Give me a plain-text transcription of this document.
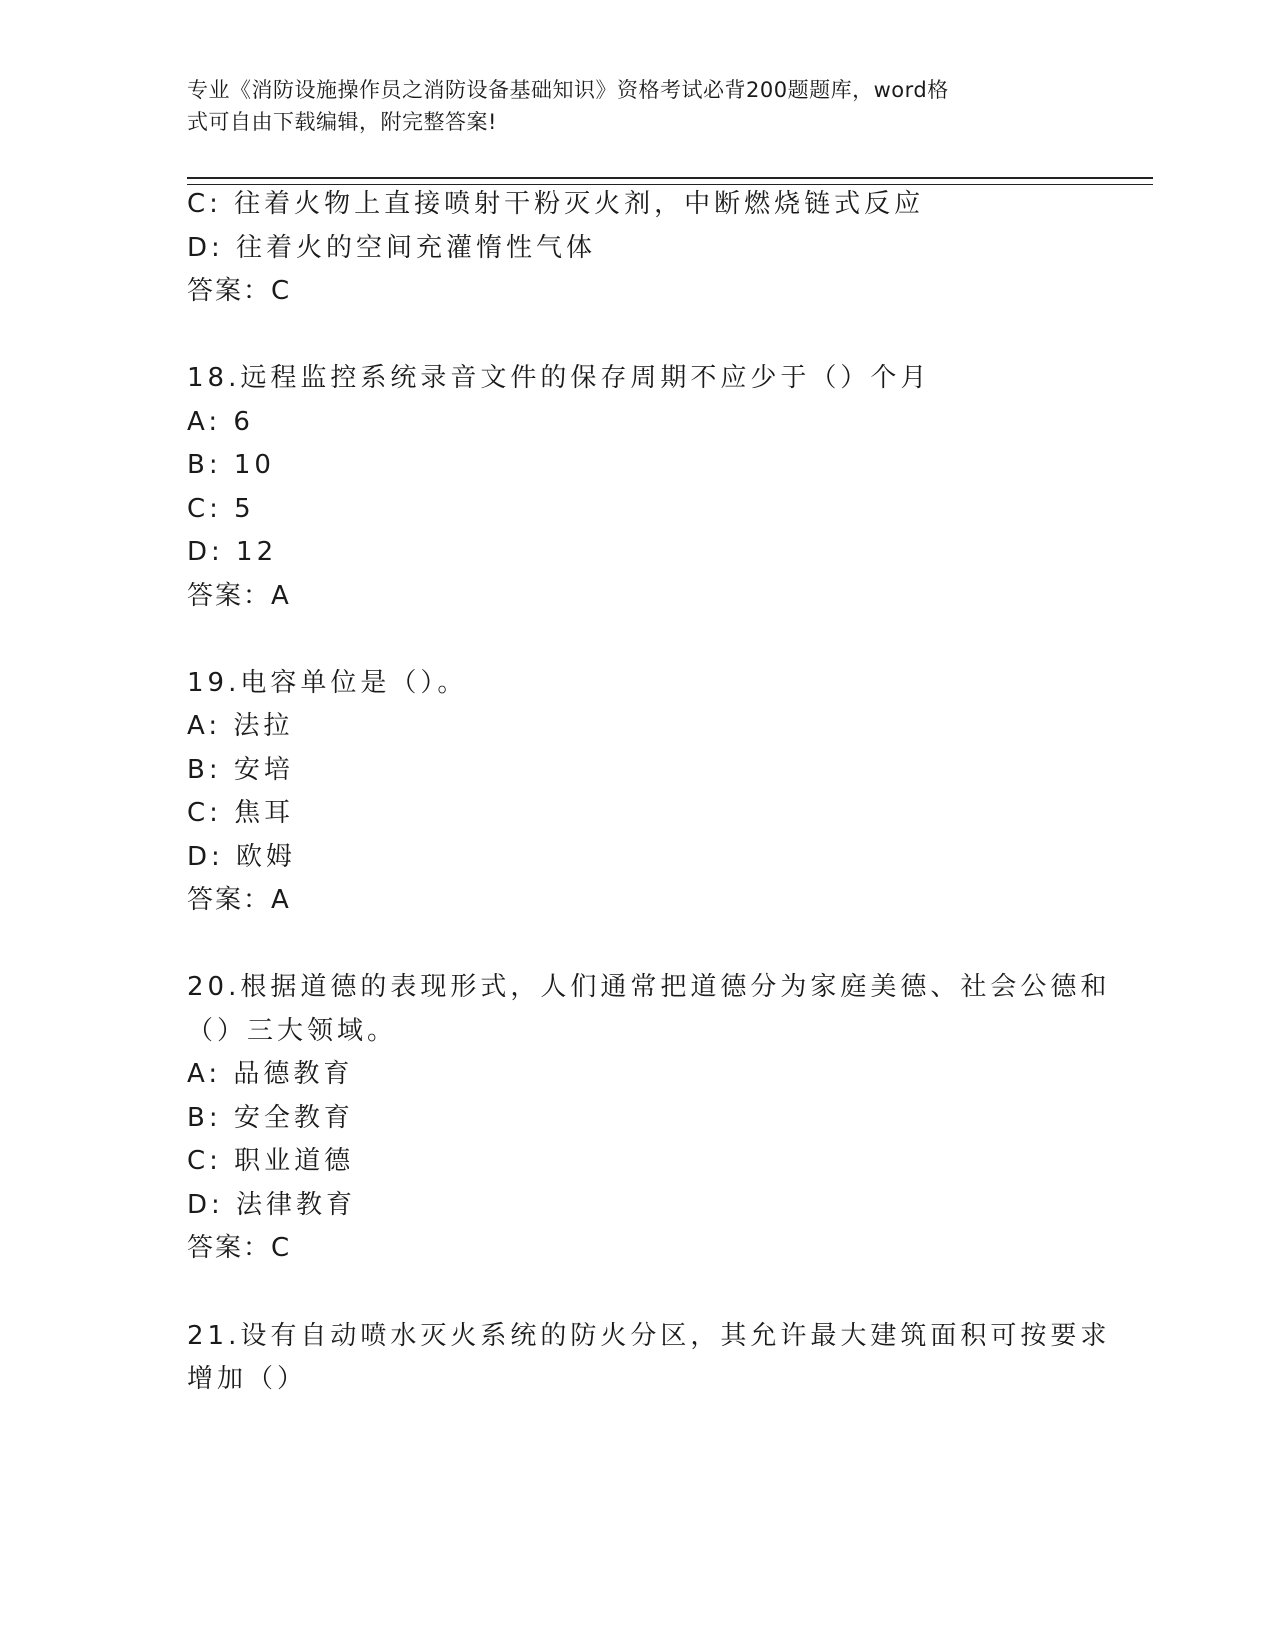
专业《消防设施操作员之消防设备基础知识》资格考试必背200题题库，word格
式可自由下载编辑，附完整答案!
C: 往着火物上直接喷射干粉灭火剂，中断燃烧链式反应
D: 往着火的空间充灌惰性气体
答案：C
18.远程监控系统录音文件的保存周期不应少于（）个月
A: 6
B: 10
C: 5
D: 12
答案：A
19.电容单位是（）。
A: 法拉
B: 安培
C: 焦耳
D: 欧姆
答案：A
20.根据道德的表现形式，人们通常把道德分为家庭美德、社会公德和
（）三大领域。
A: 品德教育
B: 安全教育
C: 职业道德
D: 法律教育
答案：C
21.设有自动喷水灭火系统的防火分区，其允许最大建筑面积可按要求
增加（）
